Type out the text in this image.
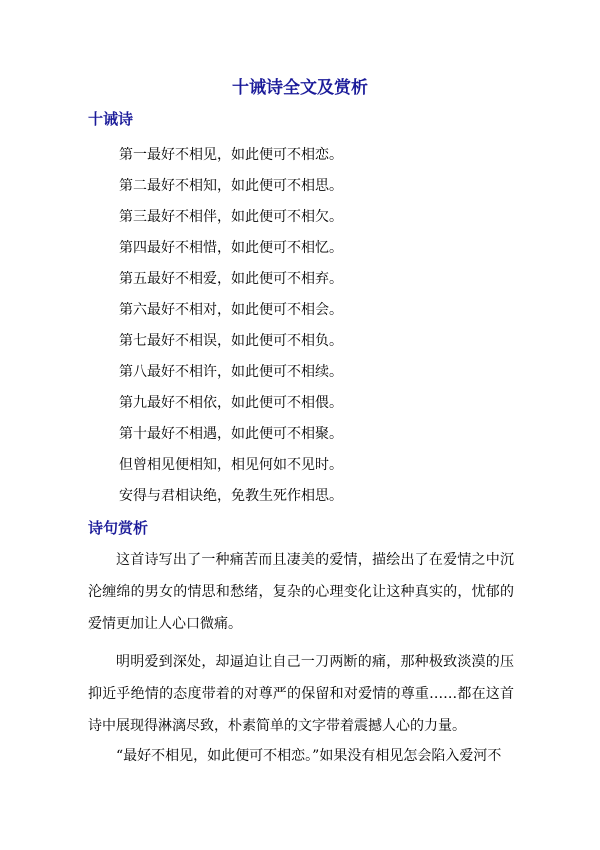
十诫诗全文及赏析
十诫诗
第一最好不相见，如此便可不相恋。
第二最好不相知，如此便可不相思。
第三最好不相伴，如此便可不相欠。
第四最好不相惜，如此便可不相忆。
第五最好不相爱，如此便可不相弃。
第六最好不相对，如此便可不相会。
第七最好不相误，如此便可不相负。
第八最好不相许，如此便可不相续。
第九最好不相依，如此便可不相偎。
第十最好不相遇，如此便可不相聚。
但曾相见便相知，相见何如不见时。
安得与君相诀绝，免教生死作相思。
诗句赏析

这首诗写出了一种痛苦而且凄美的爱情，描绘出了在爱情之中沉沦缠绵的男女的情思和愁绪，复杂的心理变化让这种真实的，忧郁的爱情更加让人心口微痛。

明明爱到深处，却逼迫让自己一刀两断的痛，那种极致淡漠的压抑近乎绝情的态度带着的对尊严的保留和对爱情的尊重……都在这首诗中展现得淋漓尽致，朴素简单的文字带着震撼人心的力量。

“最好不相见，如此便可不相恋。”如果没有相见怎会陷入爱河不
